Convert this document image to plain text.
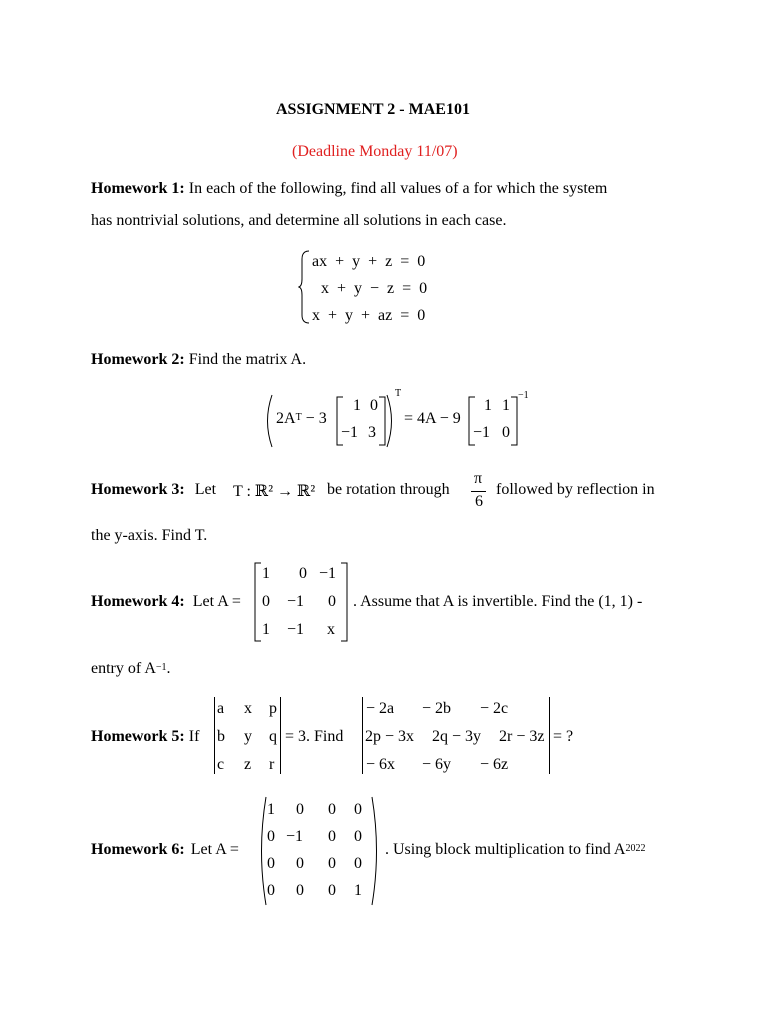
ASSIGNMENT 2 - MAE101
(Deadline Monday 11/07)
Homework 1: In each of the following, find all values of a for which the system
has nontrivial solutions, and determine all solutions in each case.
ax  +  y  +  z  =  0
x  +  y  −  z  =  0
x  +  y  +  az  =  0
Homework 2: Find the matrix A.
$2A^T - 3$
1 0
−1 3
T
= 4A − 9
1 1
−1 0
−1
Homework 3: Let T : ℝ² → ℝ² be rotation through
π
6
followed by reflection in
the y-axis. Find T.
Homework 4: Let A =
1 0 −1
0 −1 0
1 −1 x
. Assume that A is invertible. Find the (1, 1) -
entry of $A^{-1}$.
Homework 5: If
a x p
b y q
c z r
= 3. Find
− 2a − 2b − 2c
2p − 3x 2q − 3y 2r − 3z
− 6x − 6y − 6z
= ?
Homework 6: Let A =
1 0 0 0
0 −1 0 0
0 0 0 0
0 0 0 1
. Using block multiplication to find $A^{2022}$
